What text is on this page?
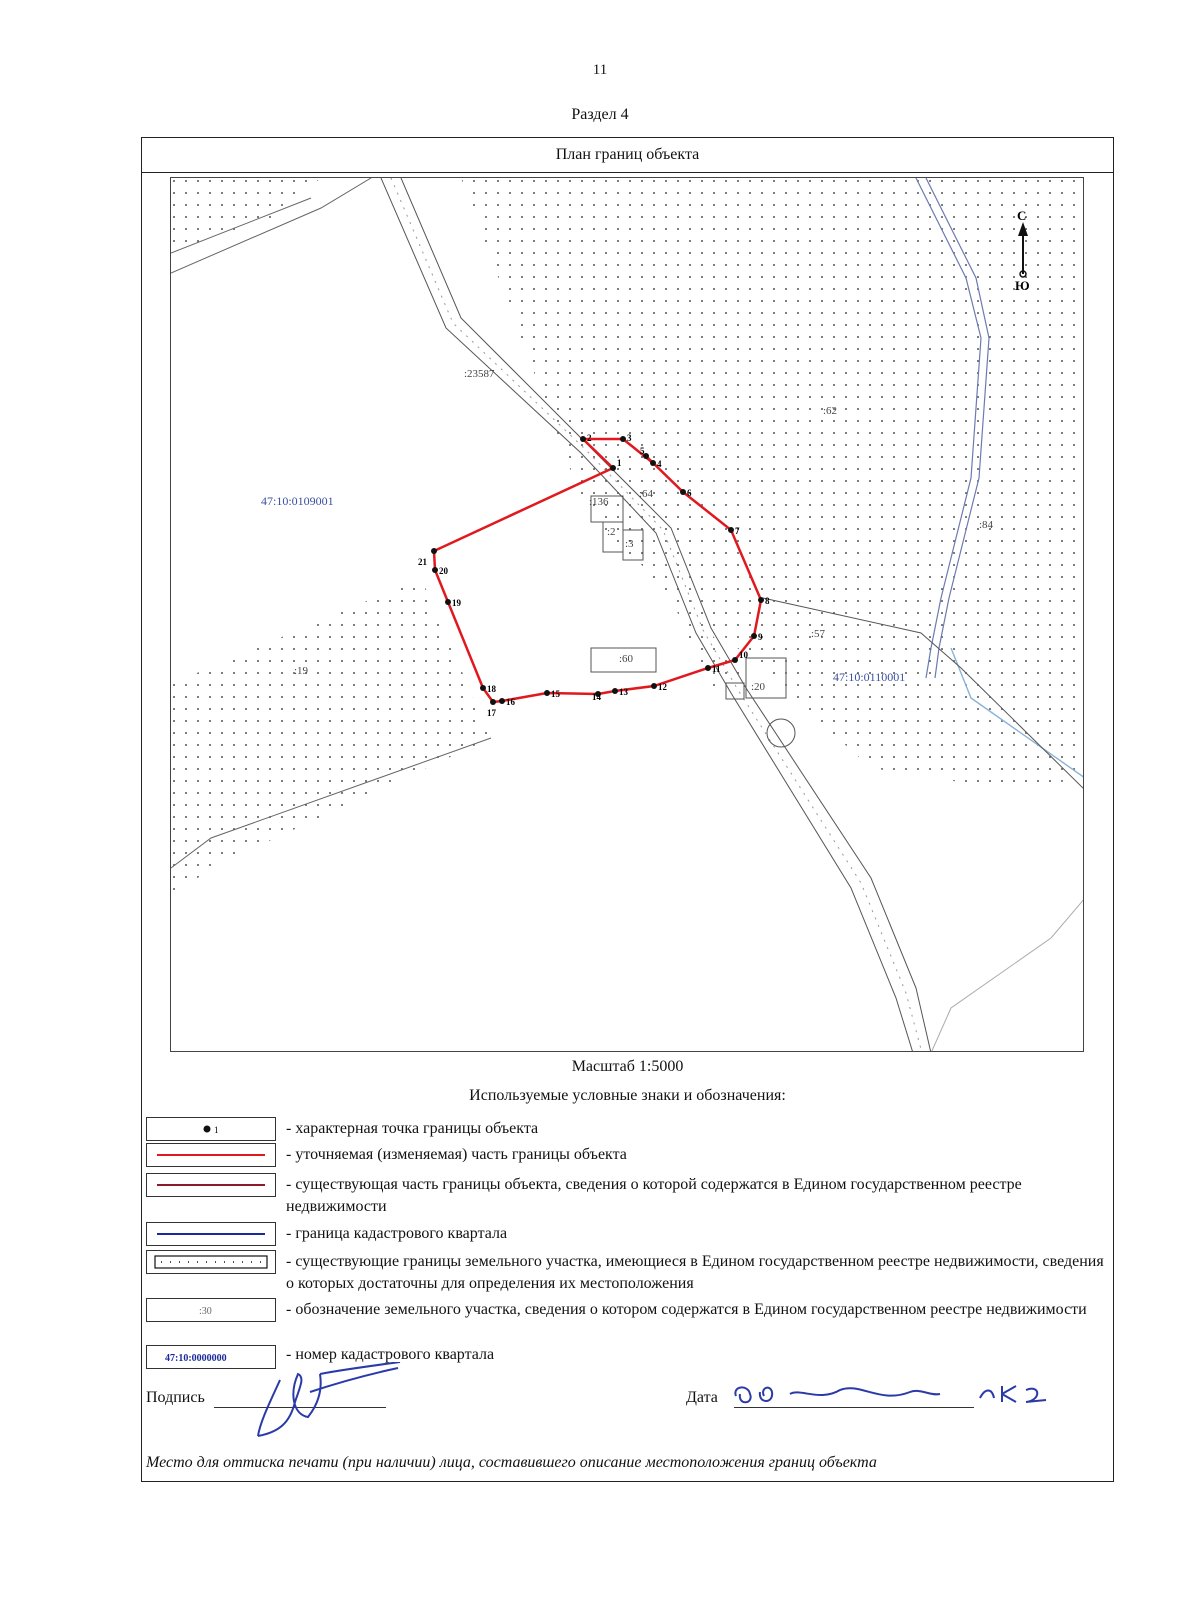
11
Раздел 4
План границ объекта
1
2	3
4
5
6
7
8
9
10
11
12
13
14
15
16
17
18
19
20
21
:23587
:62
:84
:136
:64
:2
:3
:60
:57
:20
:19
47:10:0109001
47:10:0110001
С
Ю
Масштаб 1:5000
Используемые условные знаки и обозначения:
1	- характерная точка границы объекта
- уточняемая (изменяемая) часть границы объекта
- существующая часть границы объекта, сведения о которой содержатся в Едином государственном реестре недвижимости
- граница кадастрового квартала
- существующие границы земельного участка, имеющиеся в Едином государственном реестре недвижимости, сведения о которых достаточны для определения их местоположения
:30	- обозначение земельного участка, сведения о котором содержатся в Едином государственном реестре недвижимости
47:10:0000000	- номер кадастрового квартала
Подпись	Дата
Место для оттиска печати (при наличии) лица, составившего описание местоположения границ объекта
